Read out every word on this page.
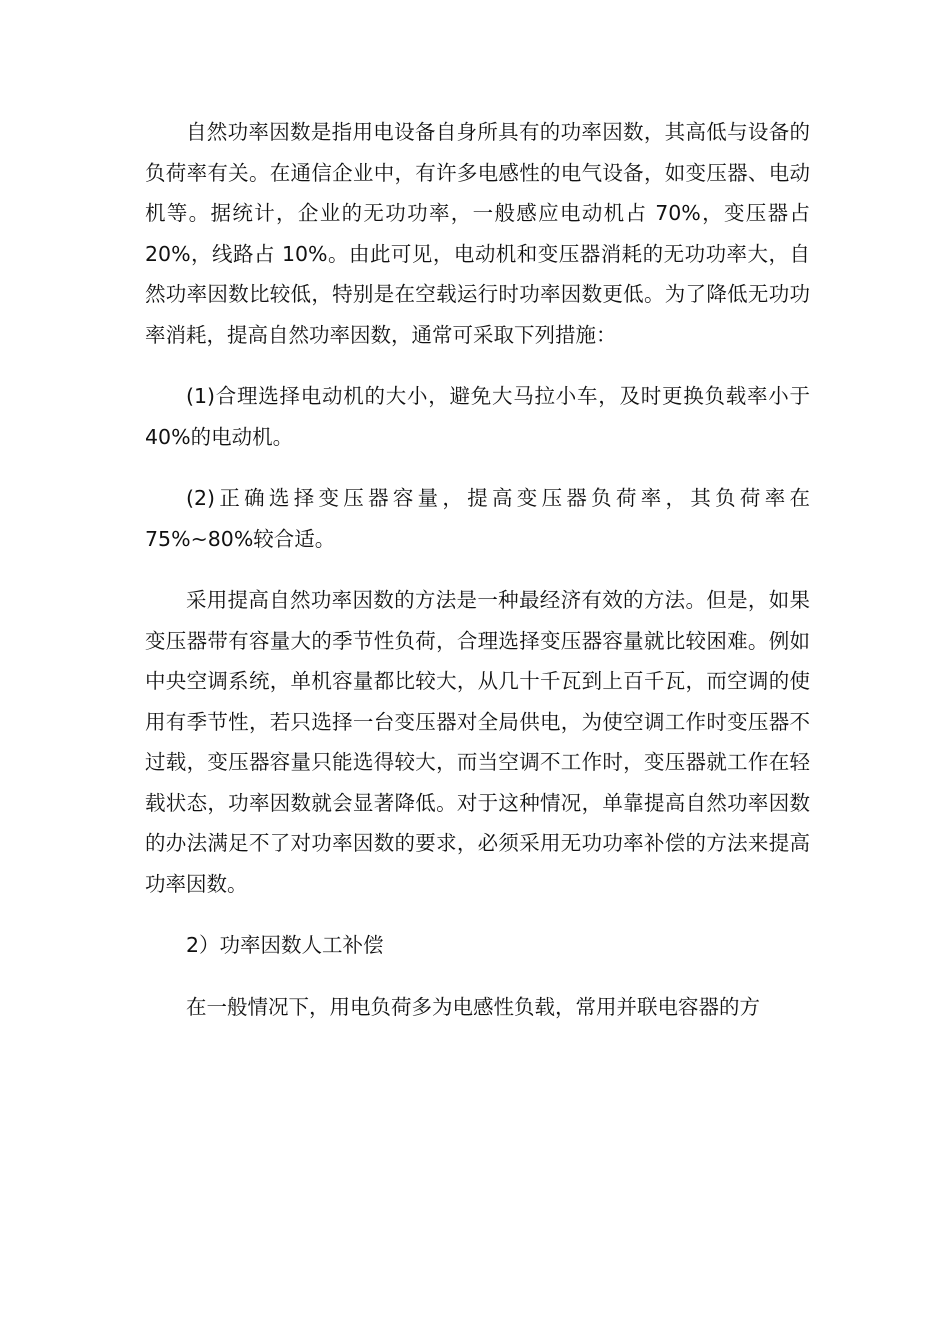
自然功率因数是指用电设备自身所具有的功率因数，其高低与设备的负荷率有关。在通信企业中，有许多电感性的电气设备，如变压器、电动机等。据统计，企业的无功功率，一般感应电动机占 70%，变压器占 20%，线路占 10%。由此可见，电动机和变压器消耗的无功功率大，自然功率因数比较低，特别是在空载运行时功率因数更低。为了降低无功功率消耗，提高自然功率因数，通常可采取下列措施：

(1)合理选择电动机的大小，避免大马拉小车，及时更换负载率小于 40%的电动机。

(2)正确选择变压器容量，提高变压器负荷率，其负荷率在75%~80%较合适。

采用提高自然功率因数的方法是一种最经济有效的方法。但是，如果变压器带有容量大的季节性负荷，合理选择变压器容量就比较困难。例如中央空调系统，单机容量都比较大，从几十千瓦到上百千瓦，而空调的使用有季节性，若只选择一台变压器对全局供电，为使空调工作时变压器不过载，变压器容量只能选得较大，而当空调不工作时，变压器就工作在轻载状态，功率因数就会显著降低。对于这种情况，单靠提高自然功率因数的办法满足不了对功率因数的要求，必须采用无功功率补偿的方法来提高功率因数。

2）功率因数人工补偿

在一般情况下，用电负荷多为电感性负载，常用并联电容器的方
